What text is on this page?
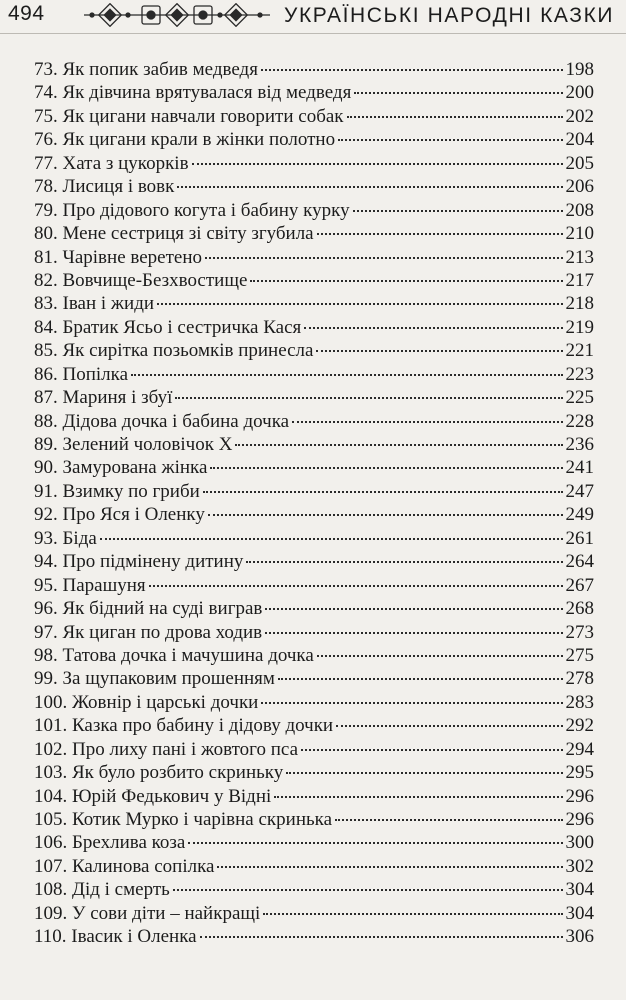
494	УКРАЇНСЬКІ НАРОДНІ КАЗКИ
73. Як попик забив медведя	198
74. Як дівчина врятувалася від медведя	200
75. Як цигани навчали говорити собак	202
76. Як цигани крали в жінки полотно	204
77. Хата з цукорків	205
78. Лисиця і вовк	206
79. Про дідового когута і бабину курку	208
80. Мене сестриця зі світу згубила	210
81. Чарівне веретено	213
82. Вовчище-Безхвостище	217
83. Іван і жиди	218
84. Братик Ясьо і сестричка Кася	219
85. Як сирітка позьомків принесла	221
86. Попілка	223
87. Мариня і збуї	225
88. Дідова дочка і бабина дочка	228
89. Зелений чоловічок Х	236
90. Замурована жінка	241
91. Взимку по гриби	247
92. Про Яся і Оленку	249
93. Біда	261
94. Про підмінену дитину	264
95. Парашуня	267
96. Як бідний на суді виграв	268
97. Як циган по дрова ходив	273
98. Татова дочка і мачушина дочка	275
99. За щупаковим прошенням	278
100. Жовнір і царські дочки	283
101. Казка про бабину і дідову дочки	292
102. Про лиху пані і жовтого пса	294
103. Як було розбито скриньку	295
104. Юрій Федькович у Відні	296
105. Котик Мурко і чарівна скринька	296
106. Брехлива коза	300
107. Калинова сопілка	302
108. Дід і смерть	304
109. У сови діти – найкращі	304
110. Івасик і Оленка	306
